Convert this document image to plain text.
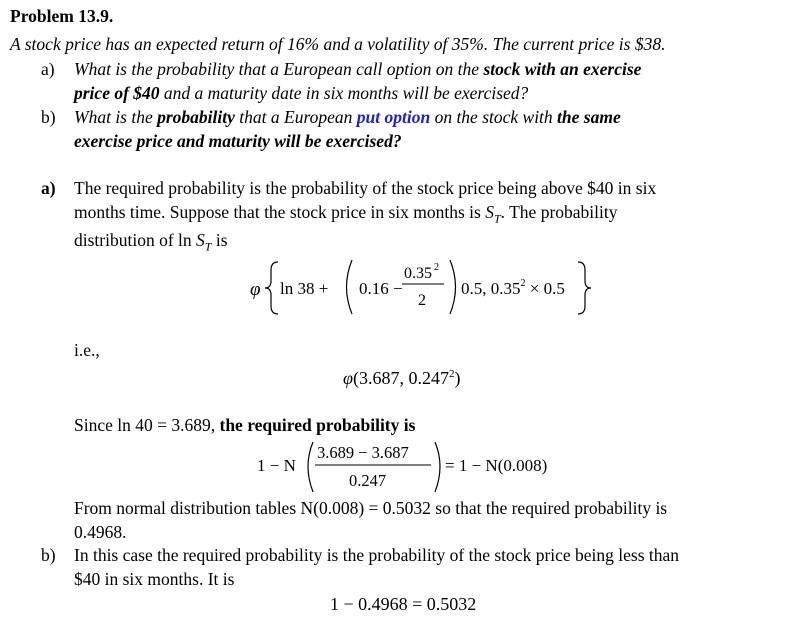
Problem 13.9.
A stock price has an expected return of 16% and a volatility of 35%. The current price is $38.
a) What is the probability that a European call option on the stock with an exercise
price of $40 and a maturity date in six months will be exercised?
b) What is the probability that a European put option on the stock with the same
exercise price and maturity will be exercised?
a) The required probability is the probability of the stock price being above $40 in six
months time. Suppose that the stock price in six months is $S_T$. The probability
distribution of $\ln S_T$ is
φ ln 38 + 0.16 −
0.35 2
2
0.5, $0.35^2 \times 0.5$
i.e.,
φ(3.687, 0.247$^2$)
Since ln 40 = 3.689, the required probability is
1 − N
3.689 − 3.687
0.247
= 1 − N(0.008)
From normal distribution tables N(0.008) = 0.5032 so that the required probability is
0.4968.
b) In this case the required probability is the probability of the stock price being less than
$40 in six months. It is
1 − 0.4968 = 0.5032
